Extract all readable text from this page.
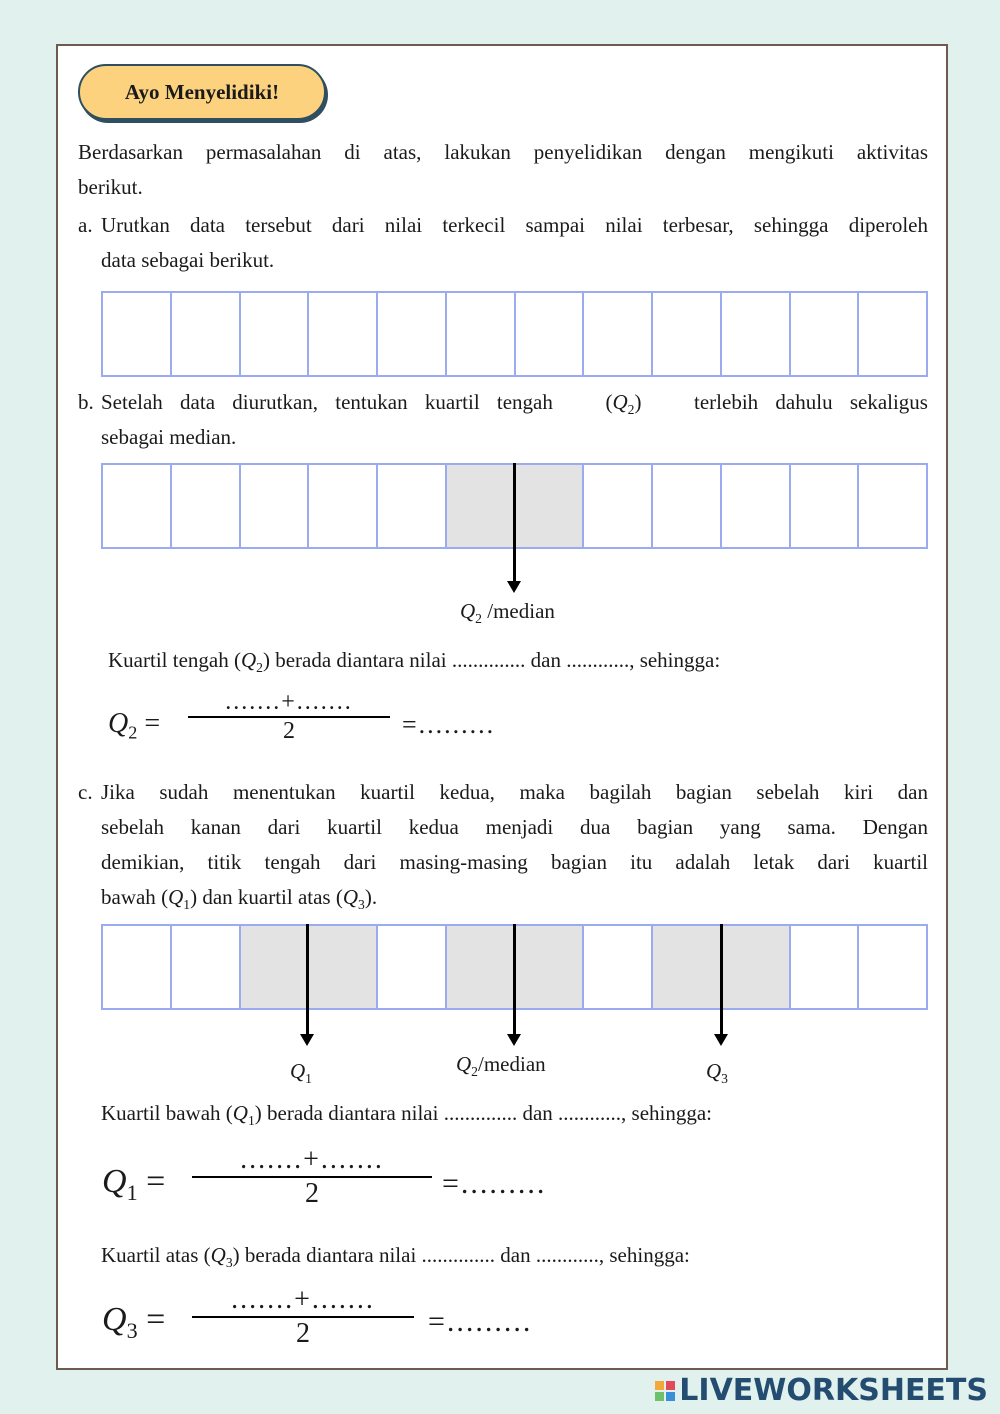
Ayo Menyelidiki!
Berdasarkan permasalahan di atas, lakukan penyelidikan dengan mengikuti aktivitas
berikut.
a. Urutkan data tersebut dari nilai terkecil sampai nilai terbesar, sehingga diperoleh
data sebagai berikut.
b. Setelah data diurutkan, tentukan kuartil tengah	$(Q_2)$	terlebih dahulu sekaligus
sebagai median.
$Q_2$ /median
Kuartil tengah $(Q_2)$ berada diantara nilai .............. dan ............, sehingga:
$Q_2$ =
.......+.......
2	=.........
c. Jika sudah menentukan kuartil kedua, maka bagilah bagian sebelah kiri dan
sebelah kanan dari kuartil kedua menjadi dua bagian yang sama. Dengan
demikian, titik tengah dari masing-masing bagian itu adalah letak dari kuartil
bawah $(Q_1)$ dan kuartil atas $(Q_3)$.
$Q_1$
$Q_2$/median	$Q_3$
Kuartil bawah $(Q_1)$ berada diantara nilai .............. dan ............, sehingga:
$Q_1$ =
.......+.......
2	=.........
Kuartil atas $(Q_3)$ berada diantara nilai .............. dan ............, sehingga:
$Q_3$ =
.......+.......
2	=.........
LIVEWORKSHEETS
